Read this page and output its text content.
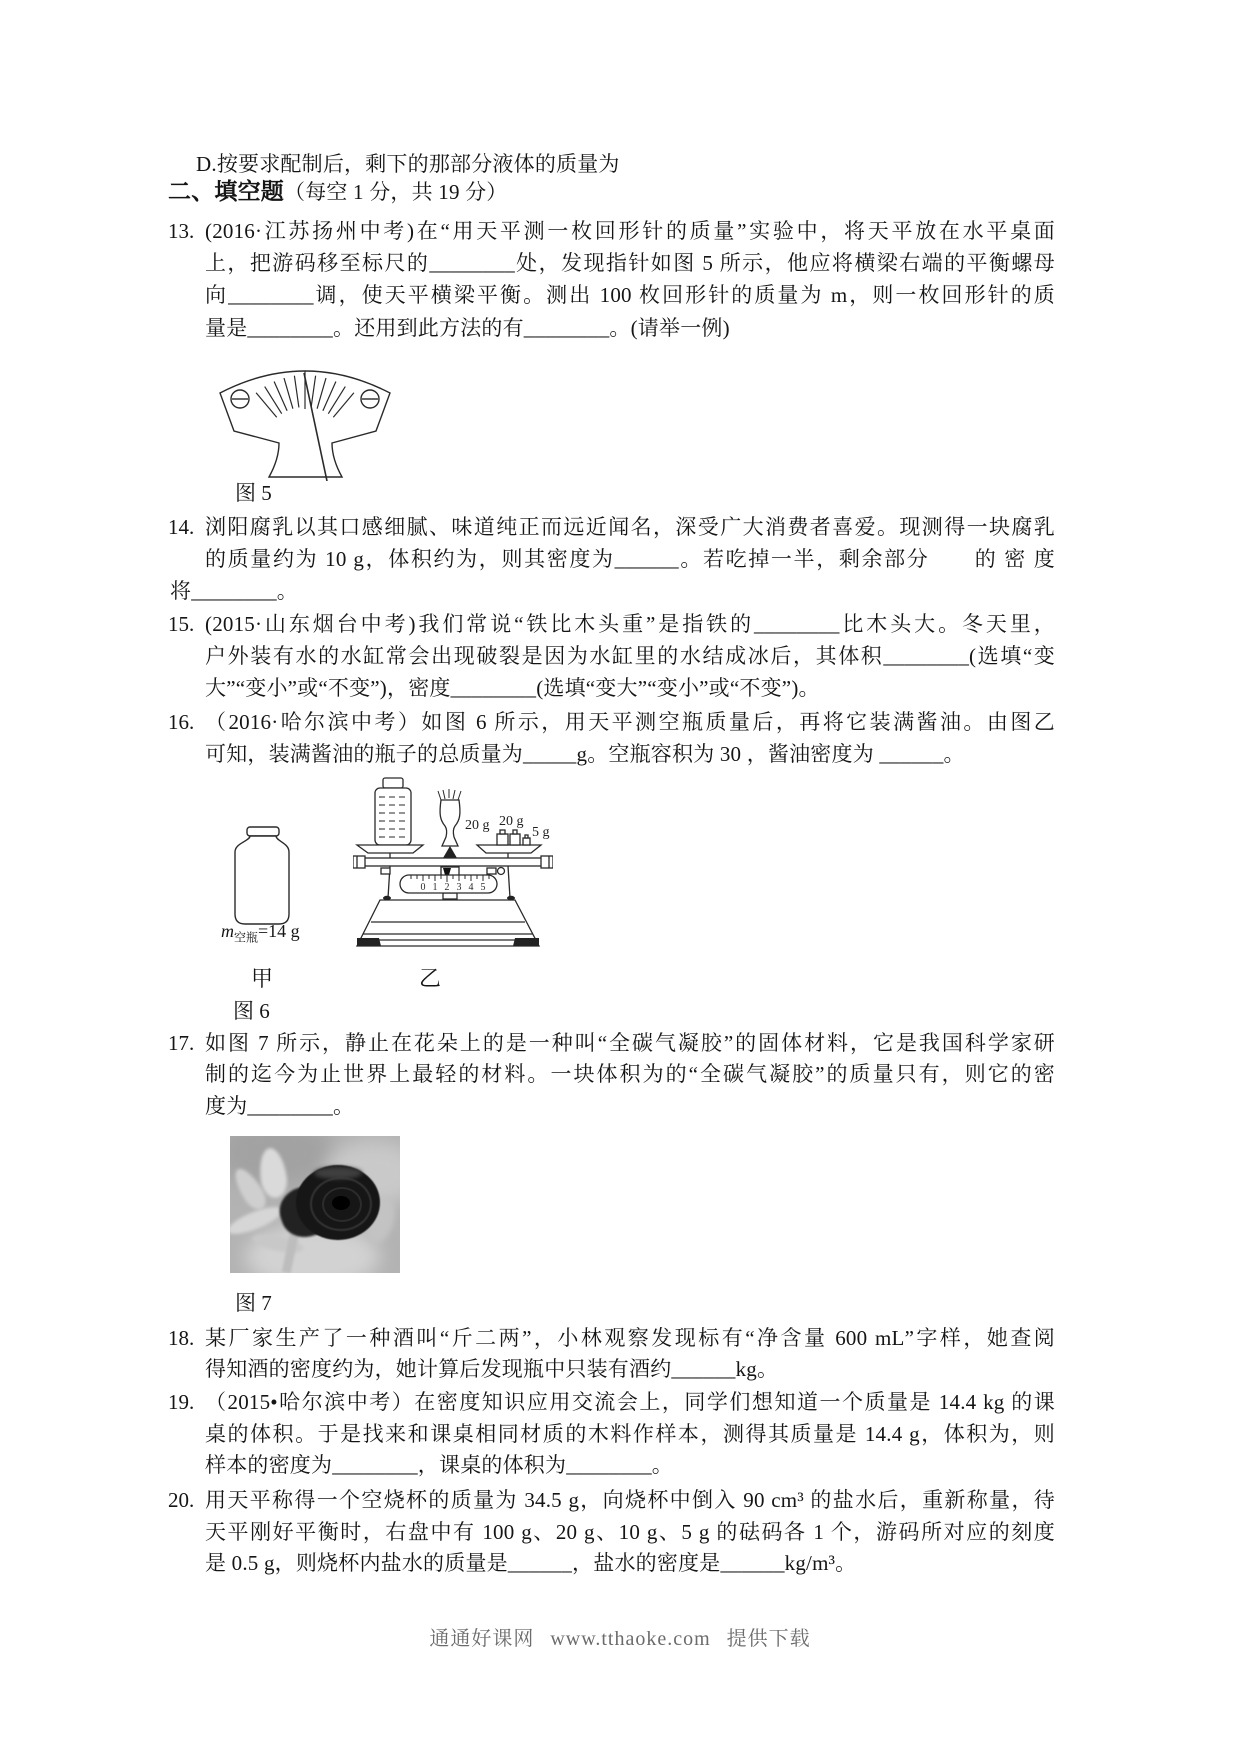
D.按要求配制后，剩下的那部分液体的质量为
二、填空题（每空 1 分，共 19 分）
13. (2016·江苏扬州中考)在“用天平测一枚回形针的质量”实验中，将天平放在水平桌面
上，把游码移至标尺的________处，发现指针如图 5 所示，他应将横梁右端的平衡螺母
向________调，使天平横梁平衡。测出 100 枚回形针的质量为 m，则一枚回形针的质
量是________。还用到此方法的有________。(请举一例)
图 5
14. 浏阳腐乳以其口感细腻、味道纯正而远近闻名，深受广大消费者喜爱。现测得一块腐乳
的质量约为 10 g，体积约为，则其密度为______。若吃掉一半，剩余部分　　的 密 度
将________。
15. (2015·山东烟台中考)我们常说“铁比木头重”是指铁的________比木头大。冬天里，
户外装有水的水缸常会出现破裂是因为水缸里的水结成冰后，其体积________(选填“变
大”“变小”或“不变”)，密度________(选填“变大”“变小”或“不变”)。
16. （2016·哈尔滨中考）如图 6 所示，用天平测空瓶质量后，再将它装满酱油。由图乙
可知，装满酱油的瓶子的总质量为_____g。空瓶容积为 30 ，酱油密度为 ______。
$m_{空瓶}=14$ g
0 1 2 3 4 5
20 g 20 g
5 g
甲	乙
图 6
17. 如图 7 所示，静止在花朵上的是一种叫“全碳气凝胶”的固体材料，它是我国科学家研
制的迄今为止世界上最轻的材料。一块体积为的“全碳气凝胶”的质量只有，则它的密
度为________。
图 7
18. 某厂家生产了一种酒叫“斤二两”，小林观察发现标有“净含量 600 mL”字样，她查阅
得知酒的密度约为，她计算后发现瓶中只装有酒约______kg。
19. （2015•哈尔滨中考）在密度知识应用交流会上，同学们想知道一个质量是 14.4 kg 的课
桌的体积。于是找来和课桌相同材质的木料作样本，测得其质量是 14.4 g，体积为，则
样本的密度为________，课桌的体积为________。
20. 用天平称得一个空烧杯的质量为 34.5 g，向烧杯中倒入 90 cm³ 的盐水后，重新称量，待
天平刚好平衡时，右盘中有 100 g、20 g、10 g、5 g 的砝码各 1 个，游码所对应的刻度
是 0.5 g，则烧杯内盐水的质量是______，盐水的密度是______kg/m³。
通通好课网 www.tthaoke.com 提供下载
